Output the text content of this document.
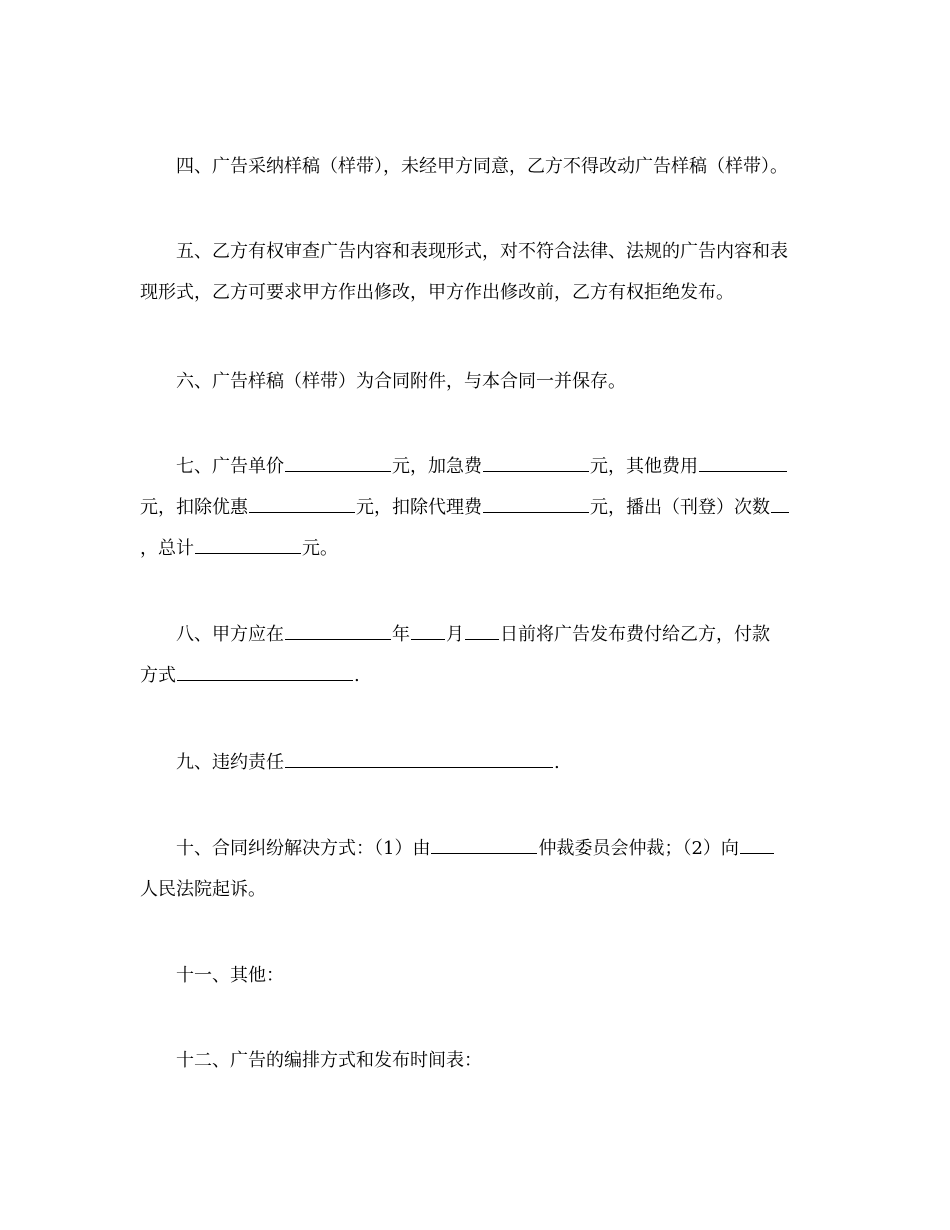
四、广告采纳样稿（样带），未经甲方同意，乙方不得改动广告样稿（样带）。
五、乙方有权审查广告内容和表现形式，对不符合法律、法规的广告内容和表
现形式，乙方可要求甲方作出修改，甲方作出修改前，乙方有权拒绝发布。
六、广告样稿（样带）为合同附件，与本合同一并保存。
七、广告单价	元，加急费	元，其他费用
元，扣除优惠	元，扣除代理费	元，播出（刊登）次数
，总计	元。
八、甲方应在	年 月 日前将广告发布费付给乙方，付款
方式	.
九、违约责任	.
十、合同纠纷解决方式：（1）由	仲裁委员会仲裁；（2）向
人民法院起诉。
十一、其他：
十二、广告的编排方式和发布时间表：
